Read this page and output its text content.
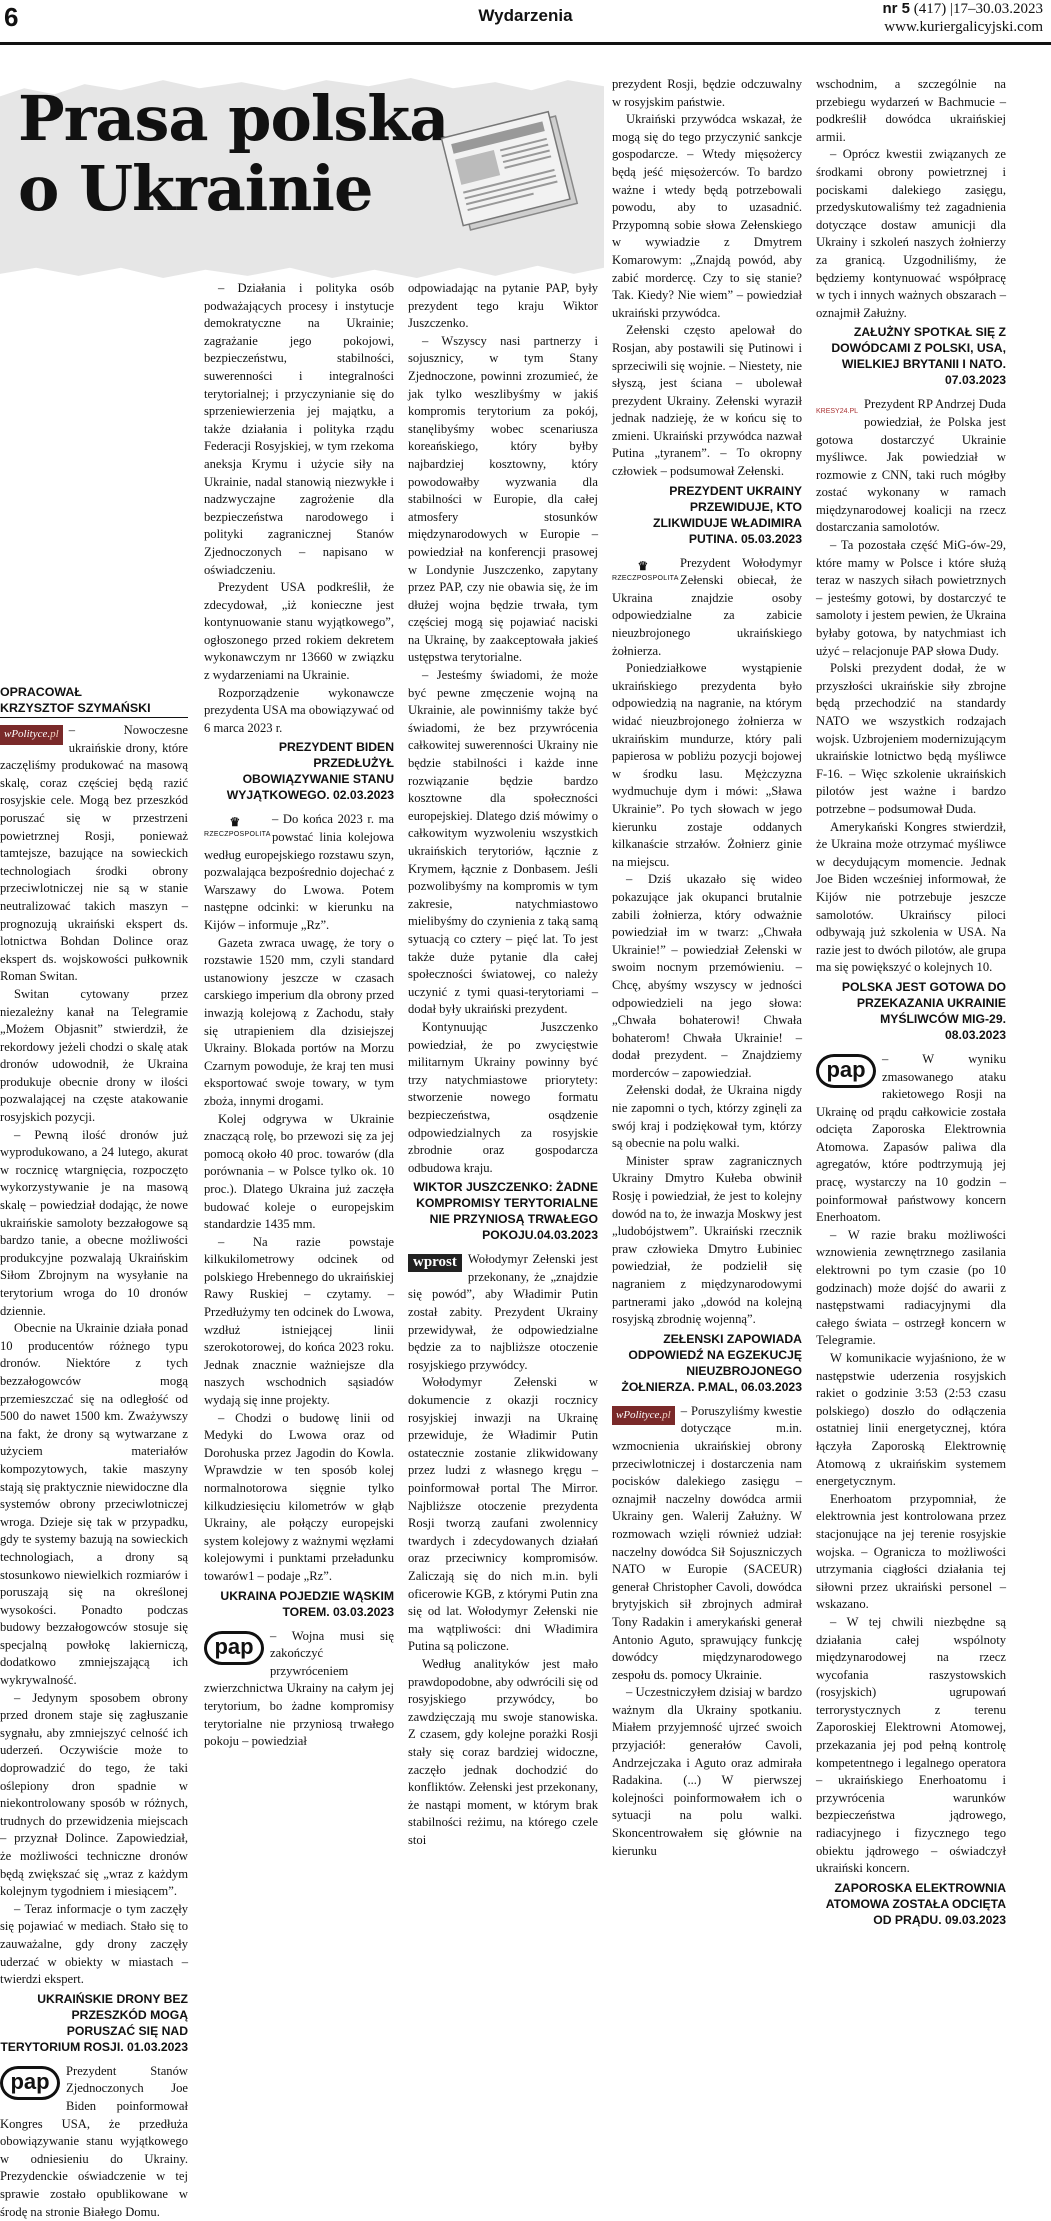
6	Wydarzenia	nr 5 (417) |17–30.03.2023
www.kuriergalicyjski.com
Prasa polska
o Ukrainie
OPRACOWAŁ
KRZYSZTOF SZYMAŃSKI

wPolityce.pl – Nowoczesne ukraińskie drony, które zaczęliśmy produkować na masową skalę, coraz częściej będą razić rosyjskie cele. Mogą bez przeszkód poruszać się w przestrzeni powietrznej Rosji, ponieważ tamtejsze, bazujące na sowieckich technologiach środki obrony przeciwlotniczej nie są w stanie neutralizować takich maszyn – prognozują ukraiński ekspert ds. lotnictwa Bohdan Dolince oraz ekspert ds. wojskowości pułkownik Roman Switan.

Switan cytowany przez niezależny kanał na Telegramie „Możem Objasnit” stwierdził, że rekordowy jeżeli chodzi o skalę atak dronów udowodnił, że Ukraina produkuje obecnie drony w ilości pozwalającej na częste atakowanie rosyjskich pozycji.

– Pewną ilość dronów już wyprodukowano, a 24 lutego, akurat w rocznicę wtargnięcia, rozpoczęto wykorzystywanie je na masową skalę – powiedział dodając, że nowe ukraińskie samoloty bezzałogowe są bardzo tanie, a obecne możliwości produkcyjne pozwalają Ukraińskim Siłom Zbrojnym na wysyłanie na terytorium wroga do 10 dronów dziennie.

Obecnie na Ukrainie działa ponad 10 producentów różnego typu dronów. Niektóre z tych bezzałogowców mogą przemieszczać się na odległość od 500 do nawet 1500 km. Zważywszy na fakt, że drony są wytwarzane z użyciem materiałów kompozytowych, takie maszyny stają się praktycznie niewidoczne dla systemów obrony przeciwlotniczej wroga. Dzieje się tak w przypadku, gdy te systemy bazują na sowieckich technologiach, a drony są stosunkowo niewielkich rozmiarów i poruszają się na określonej wysokości. Ponadto podczas budowy bezzałogowców stosuje się specjalną powłokę lakierniczą, dodatkowo zmniejszającą ich wykrywalność.

– Jedynym sposobem obrony przed dronem staje się zagłuszanie sygnału, aby zmniejszyć celność ich uderzeń. Oczywiście może to doprowadzić do tego, że taki oślepiony dron spadnie w niekontrolowany sposób w różnych, trudnych do przewidzenia miejscach – przyznał Dolince. Zapowiedział, że możliwości techniczne dronów będą zwiększać się „wraz z każdym kolejnym tygodniem i miesiącem”.

– Teraz informacje o tym zaczęły się pojawiać w mediach. Stało się to zauważalne, gdy drony zaczęły uderzać w obiekty w miastach – twierdzi ekspert.

UKRAIŃSKIE DRONY BEZ PRZESZKÓD MOGĄ PORUSZAĆ SIĘ NAD TERYTORIUM ROSJI. 01.03.2023

pap	Prezydent Stanów Zjednoczonych Joe Biden poinformował Kongres USA, że przedłuża obowiązywanie stanu wyjątkowego w odniesieniu do Ukrainy. Prezydenckie oświadczenie w tej sprawie zostało opublikowane w środę na stronie Białego Domu.

– Działania i polityka osób podważających procesy i instytucje demokratyczne na Ukrainie; zagrażanie jego pokojowi, bezpieczeństwu, stabilności, suwerenności i integralności terytorialnej; i przyczynianie się do sprzeniewierzenia jej majątku, a także działania i polityka rządu Federacji Rosyjskiej, w tym rzekoma aneksja Krymu i użycie siły na Ukrainie, nadal stanowią niezwykłe i nadzwyczajne zagrożenie dla bezpieczeństwa narodowego i polityki zagranicznej Stanów Zjednoczonych – napisano w oświadczeniu.

Prezydent USA podkreślił, że zdecydował, „iż konieczne jest kontynuowanie stanu wyjątkowego”, ogłoszonego przed rokiem dekretem wykonawczym nr 13660 w związku z wydarzeniami na Ukrainie.

Rozporządzenie wykonawcze prezydenta USA ma obowiązywać od 6 marca 2023 r.

PREZYDENT BIDEN PRZEDŁUŻYŁ OBOWIĄZYWANIE STANU WYJĄTKOWEGO. 02.03.2023

♛
RZECZPOSPOLITA
– Do końca 2023 r. ma powstać linia kolejowa według europejskiego rozstawu szyn, pozwalająca bezpośrednio dojechać z Warszawy do Lwowa. Potem następne odcinki: w kierunku na Kijów – informuje „Rz”.

Gazeta zwraca uwagę, że tory o rozstawie 1520 mm, czyli standard ustanowiony jeszcze w czasach carskiego imperium dla obrony przed inwazją kolejową z Zachodu, stały się utrapieniem dla dzisiejszej Ukrainy. Blokada portów na Morzu Czarnym powoduje, że kraj ten musi eksportować swoje towary, w tym zboża, innymi drogami.

Kolej odgrywa w Ukrainie znaczącą rolę, bo przewozi się za jej pomocą około 40 proc. towarów (dla porównania – w Polsce tylko ok. 10 proc.). Dlatego Ukraina już zaczęła budować koleje o europejskim standardzie 1435 mm.

– Na razie powstaje kilkukilometrowy odcinek od polskiego Hrebennego do ukraińskiej Rawy Ruskiej – czytamy. – Przedłużymy ten odcinek do Lwowa, wzdłuż istniejącej linii szerokotorowej, do końca 2023 roku. Jednak znacznie ważniejsze dla naszych wschodnich sąsiadów wydają się inne projekty.

– Chodzi o budowę linii od Medyki do Lwowa oraz od Dorohuska przez Jagodin do Kowla. Wprawdzie w ten sposób kolej normalnotorowa sięgnie tylko kilkudziesięciu kilometrów w głąb Ukrainy, ale połączy europejski system kolejowy z ważnymi węzłami kolejowymi i punktami przeładunku towarów1 – podaje „Rz”.

UKRAINA POJEDZIE WĄSKIM TOREM. 03.03.2023

pap	– Wojna musi się zakończyć przywróceniem zwierzchnictwa Ukrainy na całym jej terytorium, bo żadne kompromisy terytorialne nie przyniosą trwałego pokoju – powiedział

odpowiadając na pytanie PAP, były prezydent tego kraju Wiktor Juszczenko.

– Wszyscy nasi partnerzy i sojusznicy, w tym Stany Zjednoczone, powinni zrozumieć, że jak tylko weszlibyśmy w jakiś kompromis terytorium za pokój, stanęlibyśmy wobec scenariusza koreańskiego, który byłby najbardziej kosztowny, który powodowałby wyzwania dla stabilności w Europie, dla całej atmosfery stosunków międzynarodowych w Europie – powiedział na konferencji prasowej w Londynie Juszczenko, zapytany przez PAP, czy nie obawia się, że im dłużej wojna będzie trwała, tym częściej mogą się pojawiać naciski na Ukrainę, by zaakceptowała jakieś ustępstwa terytorialne.

– Jesteśmy świadomi, że może być pewne zmęczenie wojną na Ukrainie, ale powinniśmy także być świadomi, że bez przywrócenia całkowitej suwerenności Ukrainy nie będzie stabilności i każde inne rozwiązanie będzie bardzo kosztowne dla społeczności europejskiej. Dlatego dziś mówimy o całkowitym wyzwoleniu wszystkich ukraińskich terytoriów, łącznie z Krymem, łącznie z Donbasem. Jeśli pozwolibyśmy na kompromis w tym zakresie, natychmiastowo mielibyśmy do czynienia z taką samą sytuacją co cztery – pięć lat. To jest także duże pytanie dla całej społeczności światowej, co należy uczynić z tymi quasi-terytoriami – dodał były ukraiński prezydent.

Kontynuując Juszczenko powiedział, że po zwycięstwie militarnym Ukrainy powinny być trzy natychmiastowe priorytety: stworzenie nowego formatu bezpieczeństwa, osądzenie odpowiedzialnych za rosyjskie zbrodnie oraz gospodarcza odbudowa kraju.

WIKTOR JUSZCZENKO: ŻADNE KOMPROMISY TERYTORIALNE NIE PRZYNIOSĄ TRWAŁEGO POKOJU.04.03.2023

wprost Wołodymyr Zełenski jest przekonany, że „znajdzie się powód”, aby Władimir Putin został zabity. Prezydent Ukrainy przewidywał, że odpowiedzialne będzie za to najbliższe otoczenie rosyjskiego przywódcy.

Wołodymyr Zełenski w dokumencie z okazji rocznicy rosyjskiej inwazji na Ukrainę przewiduje, że Władimir Putin ostatecznie zostanie zlikwidowany przez ludzi z własnego kręgu – poinformował portal The Mirror. Najbliższe otoczenie prezydenta Rosji tworzą zaufani zwolennicy twardych i zdecydowanych działań oraz przeciwnicy kompromisów. Zaliczają się do nich m.in. byli oficerowie KGB, z którymi Putin zna się od lat. Wołodymyr Zełenski nie ma wątpliwości: dni Władimira Putina są policzone.

Według analityków jest mało prawdopodobne, aby odwrócili się od rosyjskiego przywódcy, bo zawdzięczają mu swoje stanowiska. Z czasem, gdy kolejne porażki Rosji stały się coraz bardziej widoczne, zaczęło jednak dochodzić do konfliktów. Zełenski jest przekonany, że nastąpi moment, w którym brak stabilności reżimu, na którego czele stoi

prezydent Rosji, będzie odczuwalny w rosyjskim państwie.

Ukraiński przywódca wskazał, że mogą się do tego przyczynić sankcje gospodarcze. – Wtedy mięsożercy będą jeść mięsożerców. To bardzo ważne i wtedy będą potrzebowali powodu, aby to uzasadnić. Przypomną sobie słowa Zełenskiego w wywiadzie z Dmytrem Komarowym: „Znajdą powód, aby zabić mordercę. Czy to się stanie? Tak. Kiedy? Nie wiem” – powiedział ukraiński przywódca.

Zełenski często apelował do Rosjan, aby postawili się Putinowi i sprzeciwili się wojnie. – Niestety, nie słyszą, jest ściana – ubolewał prezydent Ukrainy. Zełenski wyraził jednak nadzieję, że w końcu się to zmieni. Ukraiński przywódca nazwał Putina „tyranem”. – To okropny człowiek – podsumował Zełenski.

PREZYDENT UKRAINY PRZEWIDUJE, KTO ZLIKWIDUJE WŁADIMIRA PUTINA. 05.03.2023

♛
RZECZPOSPOLITA
Prezydent Wołodymyr Zełenski obiecał, że Ukraina znajdzie osoby odpowiedzialne za zabicie nieuzbrojonego ukraińskiego żołnierza.

Poniedziałkowe wystąpienie ukraińskiego prezydenta było odpowiedzią na nagranie, na którym widać nieuzbrojonego żołnierza w ukraińskim mundurze, który pali papierosa w pobliżu pozycji bojowej w środku lasu. Mężczyzna wydmuchuje dym i mówi: „Sława Ukrainie”. Po tych słowach w jego kierunku zostaje oddanych kilkanaście strzałów. Żołnierz ginie na miejscu.

– Dziś ukazało się wideo pokazujące jak okupanci brutalnie zabili żołnierza, który odważnie powiedział im w twarz: „Chwała Ukrainie!” – powiedział Zełenski w swoim nocnym przemówieniu. – Chcę, abyśmy wszyscy w jedności odpowiedzieli na jego słowa: „Chwała bohaterowi! Chwała bohaterom! Chwała Ukrainie! – dodał prezydent. – Znajdziemy morderców – zapowiedział.

Zełenski dodał, że Ukraina nigdy nie zapomni o tych, którzy zginęli za swój kraj i podziękował tym, którzy są obecnie na polu walki.

Minister spraw zagranicznych Ukrainy Dmytro Kułeba obwinił Rosję i powiedział, że jest to kolejny dowód na to, że inwazja Moskwy jest „ludobójstwem”. Ukraiński rzecznik praw człowieka Dmytro Łubiniec powiedział, że podzielił się nagraniem z międzynarodowymi partnerami jako „dowód na kolejną rosyjską zbrodnię wojenną”.

ZEŁENSKI ZAPOWIADA ODPOWIEDŹ NA EGZEKUCJĘ NIEUZBROJONEGO ŻOŁNIERZA. P.MAL, 06.03.2023

wPolityce.pl – Poruszyliśmy kwestie dotyczące m.in. wzmocnienia ukraińskiej obrony przeciwlotniczej i dostarczenia nam pocisków dalekiego zasięgu – oznajmił naczelny dowódca armii Ukrainy gen. Walerij Załużny. W rozmowach wzięli również udział: naczelny dowódca Sił Sojuszniczych NATO w Europie (SACEUR) generał Christopher Cavoli, dowódca brytyjskich sił zbrojnych admirał Tony Radakin i amerykański generał Antonio Aguto, sprawujący funkcję dowódcy międzynarodowego zespołu ds. pomocy Ukrainie.

– Uczestniczyłem dzisiaj w bardzo ważnym dla Ukrainy spotkaniu. Miałem przyjemność ujrzeć swoich przyjaciół: generałów Cavoli, Andrzejczaka i Aguto oraz admirała Radakina. (...) W pierwszej kolejności poinformowałem ich o sytuacji na polu walki. Skoncentrowałem się głównie na kierunku

wschodnim, a szczególnie na przebiegu wydarzeń w Bachmucie – podkreślił dowódca ukraińskiej armii.

– Oprócz kwestii związanych ze środkami obrony powietrznej i pociskami dalekiego zasięgu, przedyskutowaliśmy też zagadnienia dotyczące dostaw amunicji dla Ukrainy i szkoleń naszych żołnierzy za granicą. Uzgodniliśmy, że będziemy kontynuować współpracę w tych i innych ważnych obszarach – oznajmił Załużny.

ZAŁUŻNY SPOTKAŁ SIĘ Z DOWÓDCAMI Z POLSKI, USA, WIELKIEJ BRYTANII I NATO. 07.03.2023

KRESY24.PL
Prezydent RP Andrzej Duda powiedział, że Polska jest gotowa dostarczyć Ukrainie myśliwce. Jak powiedział w rozmowie z CNN, taki ruch mógłby zostać wykonany w ramach międzynarodowej koalicji na rzecz dostarczania samolotów.

– Ta pozostała część MiG-ów-29, które mamy w Polsce i które służą teraz w naszych siłach powietrznych – jesteśmy gotowi, by dostarczyć te samoloty i jestem pewien, że Ukraina byłaby gotowa, by natychmiast ich użyć – relacjonuje PAP słowa Dudy.

Polski prezydent dodał, że w przyszłości ukraińskie siły zbrojne będą przechodzić na standardy NATO we wszystkich rodzajach wojsk. Uzbrojeniem modernizującym ukraińskie lotnictwo będą myśliwce F-16. – Więc szkolenie ukraińskich pilotów jest ważne i bardzo potrzebne – podsumował Duda.

Amerykański Kongres stwierdził, że Ukraina może otrzymać myśliwce w decydującym momencie. Jednak Joe Biden wcześniej informował, że Kijów nie potrzebuje jeszcze samolotów. Ukraińscy piloci odbywają już szkolenia w USA. Na razie jest to dwóch pilotów, ale grupa ma się powiększyć o kolejnych 10.

POLSKA JEST GOTOWA DO PRZEKAZANIA UKRAINIE MYŚLIWCÓW MIG-29. 08.03.2023

pap	– W wyniku zmasowanego ataku rakietowego Rosji na Ukrainę od prądu całkowicie została odcięta Zaporoska Elektrownia Atomowa. Zapasów paliwa dla agregatów, które podtrzymują jej pracę, wystarczy na 10 godzin – poinformował państwowy koncern Enerhoatom.

– W razie braku możliwości wznowienia zewnętrznego zasilania elektrowni po tym czasie (po 10 godzinach) może dojść do awarii z następstwami radiacyjnymi dla całego świata – ostrzegł koncern w Telegramie.

W komunikacie wyjaśniono, że w następstwie uderzenia rosyjskich rakiet o godzinie 3:53 (2:53 czasu polskiego) doszło do odłączenia ostatniej linii energetycznej, która łączyła Zaporoską Elektrownię Atomową z ukraińskim systemem energetycznym.

Enerhoatom przypomniał, że elektrownia jest kontrolowana przez stacjonujące na jej terenie rosyjskie wojska. – Ogranicza to możliwości utrzymania ciągłości działania tej siłowni przez ukraiński personel – wskazano.

– W tej chwili niezbędne są działania całej wspólnoty międzynarodowej na rzecz wycofania raszystowskich (rosyjskich) ugrupowań terrorystycznych z terenu Zaporoskiej Elektrowni Atomowej, przekazania jej pod pełną kontrolę kompetentnego i legalnego operatora – ukraińskiego Enerhoatomu i przywrócenia warunków bezpieczeństwa jądrowego, radiacyjnego i fizycznego tego obiektu jądrowego – oświadczył ukraiński koncern.

ZAPOROSKA ELEKTROWNIA ATOMOWA ZOSTAŁA ODCIĘTA OD PRĄDU. 09.03.2023
